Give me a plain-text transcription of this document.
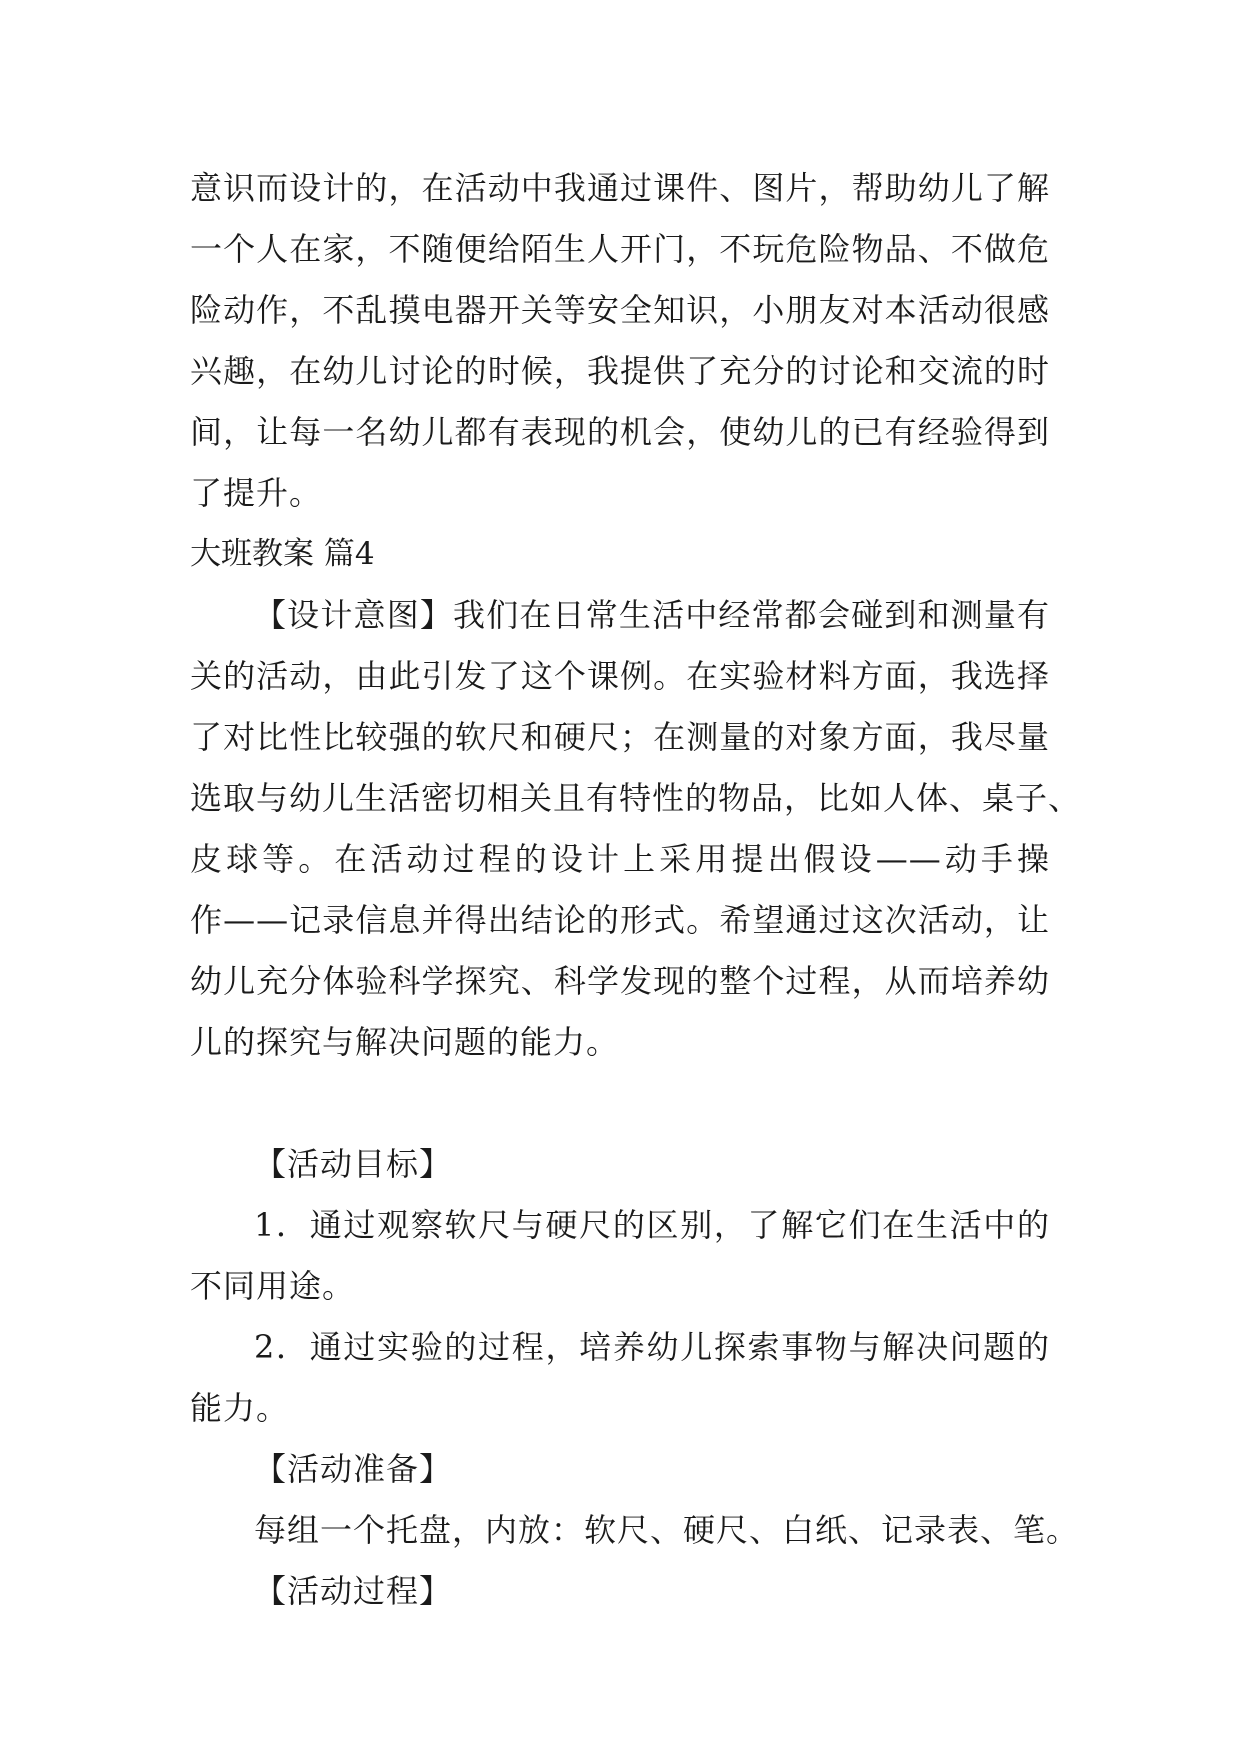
意识而设计的，在活动中我通过课件、图片，帮助幼儿了解
一个人在家，不随便给陌生人开门，不玩危险物品、不做危
险动作，不乱摸电器开关等安全知识，小朋友对本活动很感
兴趣，在幼儿讨论的时候，我提供了充分的讨论和交流的时
间，让每一名幼儿都有表现的机会，使幼儿的已有经验得到
了提升。
大班教案 篇4
【设计意图】我们在日常生活中经常都会碰到和测量有
关的活动，由此引发了这个课例。在实验材料方面，我选择
了对比性比较强的软尺和硬尺；在测量的对象方面，我尽量
选取与幼儿生活密切相关且有特性的物品，比如人体、桌子、
皮球等。在活动过程的设计上采用提出假设——动手操
作——记录信息并得出结论的形式。希望通过这次活动，让
幼儿充分体验科学探究、科学发现的整个过程，从而培养幼
儿的探究与解决问题的能力。
【活动目标】
1．通过观察软尺与硬尺的区别，了解它们在生活中的
不同用途。
2．通过实验的过程，培养幼儿探索事物与解决问题的
能力。
【活动准备】
每组一个托盘，内放：软尺、硬尺、白纸、记录表、笔。
【活动过程】
